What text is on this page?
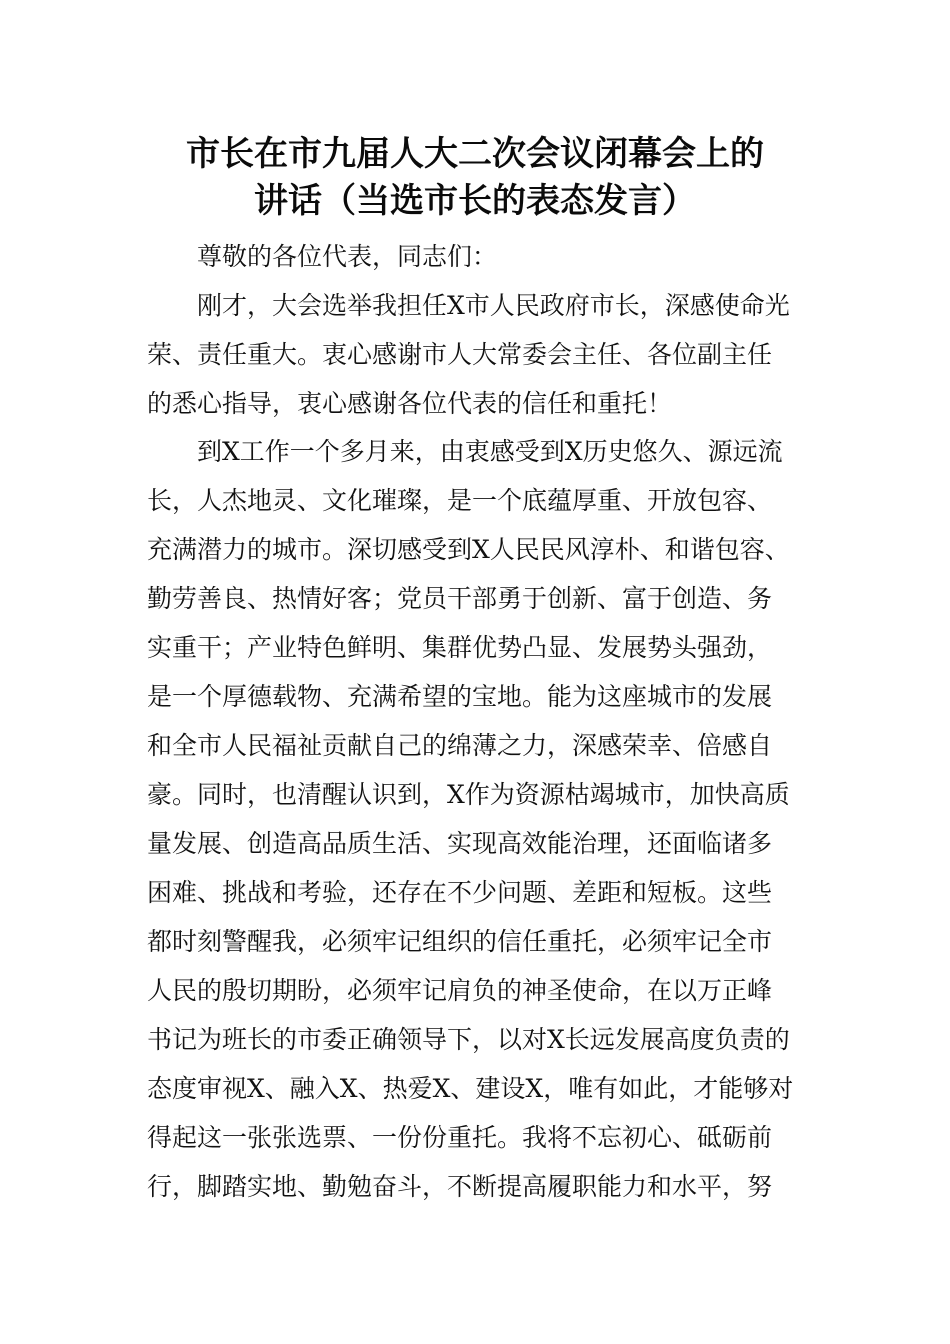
市长在市九届人大二次会议闭幕会上的
讲话（当选市长的表态发言）
尊敬的各位代表，同志们：
刚才，大会选举我担任X市人民政府市长，深感使命光
荣、责任重大。衷心感谢市人大常委会主任、各位副主任
的悉心指导，衷心感谢各位代表的信任和重托！
到X工作一个多月来，由衷感受到X历史悠久、源远流
长，人杰地灵、文化璀璨，是一个底蕴厚重、开放包容、
充满潜力的城市。深切感受到X人民民风淳朴、和谐包容、
勤劳善良、热情好客；党员干部勇于创新、富于创造、务
实重干；产业特色鲜明、集群优势凸显、发展势头强劲，
是一个厚德载物、充满希望的宝地。能为这座城市的发展
和全市人民福祉贡献自己的绵薄之力，深感荣幸、倍感自
豪。同时，也清醒认识到，X作为资源枯竭城市，加快高质
量发展、创造高品质生活、实现高效能治理，还面临诸多
困难、挑战和考验，还存在不少问题、差距和短板。这些
都时刻警醒我，必须牢记组织的信任重托，必须牢记全市
人民的殷切期盼，必须牢记肩负的神圣使命，在以万正峰
书记为班长的市委正确领导下，以对X长远发展高度负责的
态度审视X、融入X、热爱X、建设X，唯有如此，才能够对
得起这一张张选票、一份份重托。我将不忘初心、砥砺前
行，脚踏实地、勤勉奋斗，不断提高履职能力和水平，努
